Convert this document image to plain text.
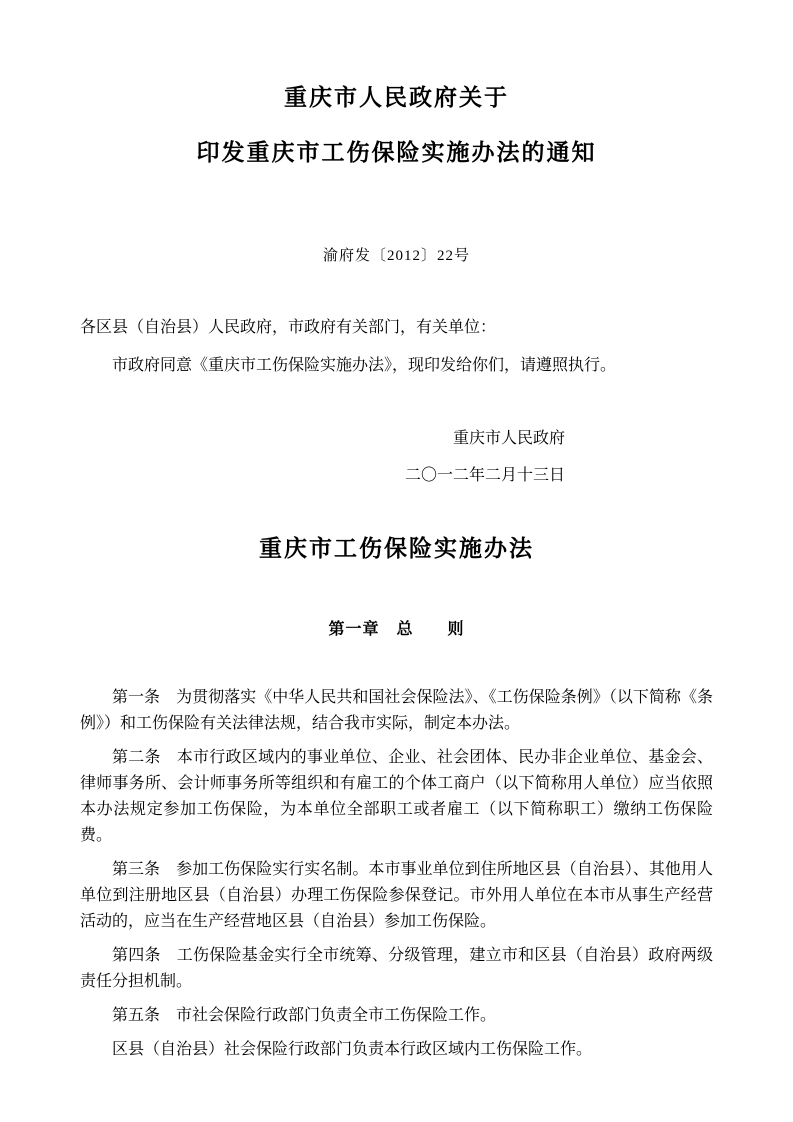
重庆市人民政府关于
印发重庆市工伤保险实施办法的通知
渝府发〔2012〕22号

各区县（自治县）人民政府，市政府有关部门，有关单位：

市政府同意《重庆市工伤保险实施办法》，现印发给你们，请遵照执行。

重庆市人民政府
二〇一二年二月十三日
重庆市工伤保险实施办法
第一章　总　　则

第一条 为贯彻落实《中华人民共和国社会保险法》、《工伤保险条例》（以下简称《条例》）和工伤保险有关法律法规，结合我市实际，制定本办法。

第二条 本市行政区域内的事业单位、企业、社会团体、民办非企业单位、基金会、律师事务所、会计师事务所等组织和有雇工的个体工商户（以下简称用人单位）应当依照本办法规定参加工伤保险，为本单位全部职工或者雇工（以下简称职工）缴纳工伤保险费。

第三条 参加工伤保险实行实名制。本市事业单位到住所地区县（自治县）、其他用人单位到注册地区县（自治县）办理工伤保险参保登记。市外用人单位在本市从事生产经营活动的，应当在生产经营地区县（自治县）参加工伤保险。

第四条 工伤保险基金实行全市统筹、分级管理，建立市和区县（自治县）政府两级责任分担机制。

第五条 市社会保险行政部门负责全市工伤保险工作。

区县（自治县）社会保险行政部门负责本行政区域内工伤保险工作。
